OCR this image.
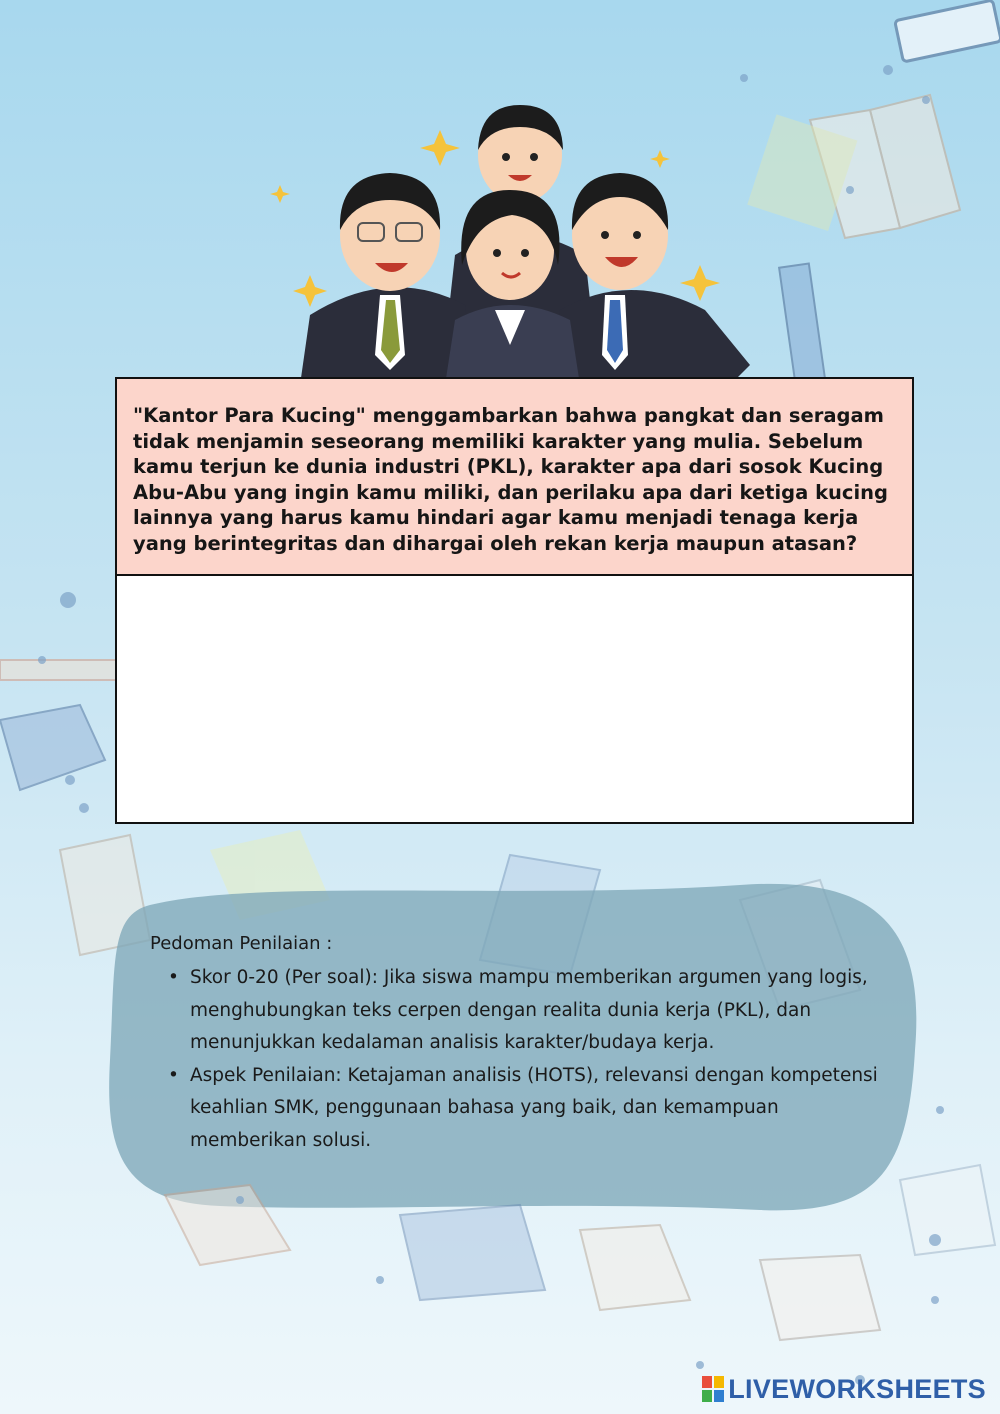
"Kantor Para Kucing" menggambarkan bahwa pangkat dan seragam tidak menjamin seseorang memiliki karakter yang mulia. Sebelum kamu terjun ke dunia industri (PKL), karakter apa dari sosok Kucing Abu-Abu yang ingin kamu miliki, dan perilaku apa dari ketiga kucing lainnya yang harus kamu hindari agar kamu menjadi tenaga kerja yang berintegritas dan dihargai oleh rekan kerja maupun atasan?

Pedoman Penilaian :
• Skor 0-20 (Per soal): Jika siswa mampu memberikan argumen yang logis, menghubungkan teks cerpen dengan realita dunia kerja (PKL), dan menunjukkan kedalaman analisis karakter/budaya kerja.
• Aspek Penilaian: Ketajaman analisis (HOTS), relevansi dengan kompetensi keahlian SMK, penggunaan bahasa yang baik, dan kemampuan memberikan solusi.
LIVEWORKSHEETS
